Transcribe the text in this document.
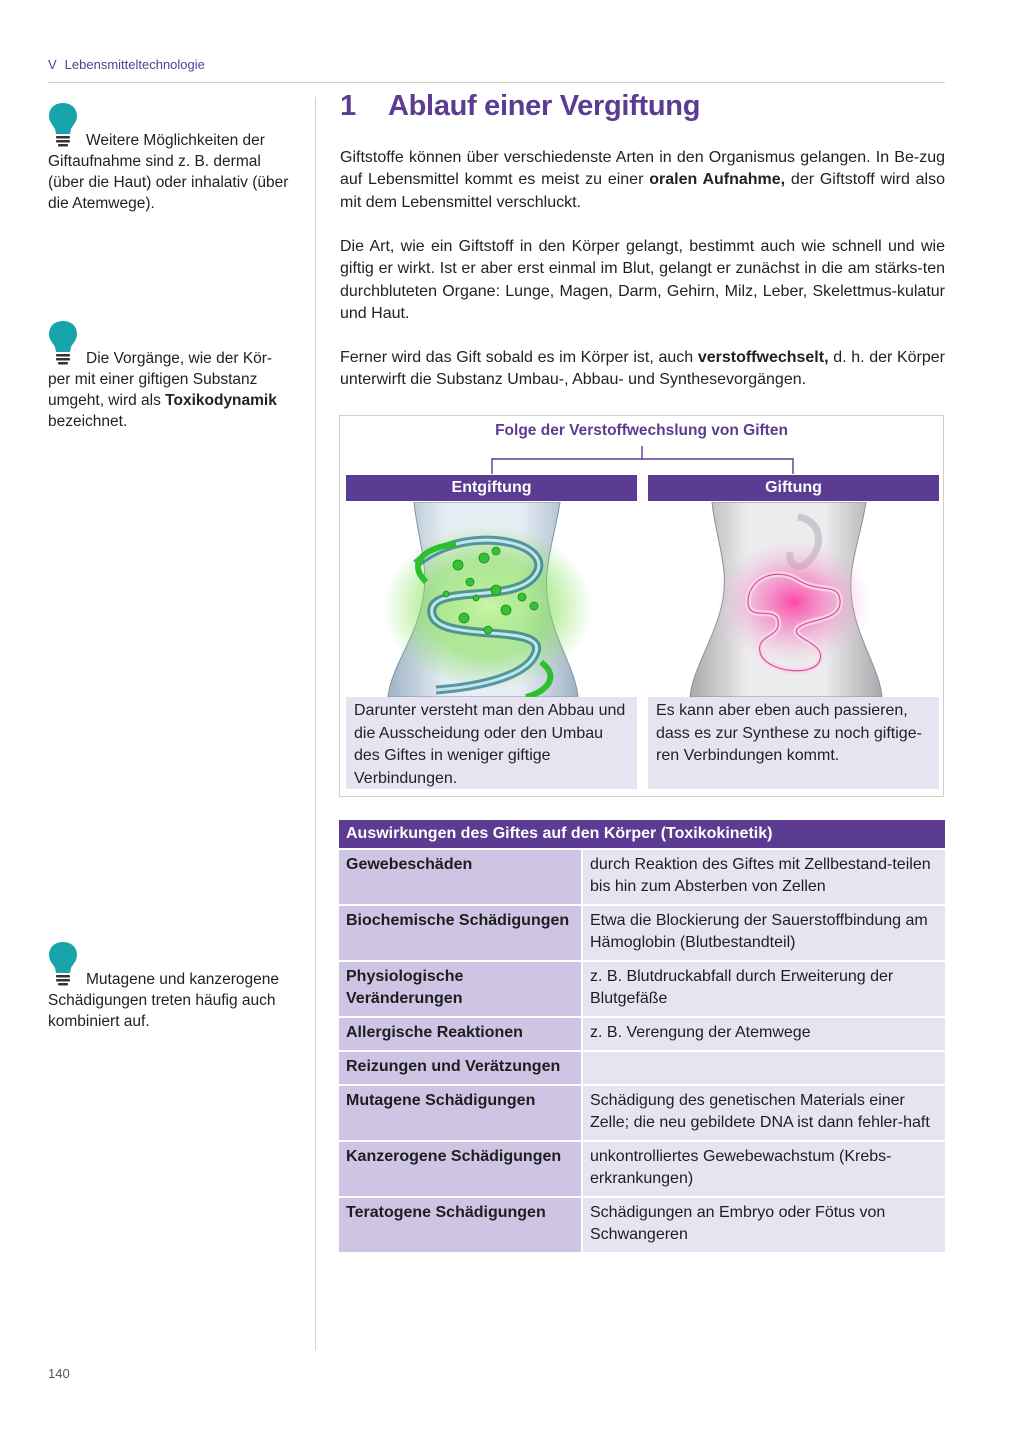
V Lebensmitteltechnologie
Weitere Möglichkeiten der Giftaufnahme sind z. B. dermal (über die Haut) oder inhalativ (über die Atemwege).
Die Vorgänge, wie der Kör-per mit einer giftigen Substanz umgeht, wird als Toxikodynamik bezeichnet.
Mutagene und kanzerogene Schädigungen treten häufig auch kombiniert auf.
1 Ablauf einer Vergiftung
Giftstoffe können über verschiedenste Arten in den Organismus gelangen. In Be-zug auf Lebensmittel kommt es meist zu einer oralen Aufnahme, der Giftstoff wird also mit dem Lebensmittel verschluckt.
Die Art, wie ein Giftstoff in den Körper gelangt, bestimmt auch wie schnell und wie giftig er wirkt. Ist er aber erst einmal im Blut, gelangt er zunächst in die am stärks-ten durchbluteten Organe: Lunge, Magen, Darm, Gehirn, Milz, Leber, Skelettmus-kulatur und Haut.
Ferner wird das Gift sobald es im Körper ist, auch verstoffwechselt, d. h. der Körper unterwirft die Substanz Umbau-, Abbau- und Synthesevorgängen.
Folge der Verstoffwechslung von Giften
Entgiftung	Giftung
Darunter versteht man den Abbau und die Ausscheidung oder den Umbau des Giftes in weniger giftige Verbindungen.
Es kann aber eben auch passieren, dass es zur Synthese zu noch giftige-ren Verbindungen kommt.
Auswirkungen des Giftes auf den Körper (Toxikokinetik)	
Gewebeschäden	durch Reaktion des Giftes mit Zellbestand-teilen bis hin zum Absterben von Zellen
Biochemische Schädigungen	Etwa die Blockierung der Sauerstoffbindung am Hämoglobin (Blutbestandteil)
Physiologische Veränderungen	z. B. Blutdruckabfall durch Erweiterung der Blutgefäße
Allergische Reaktionen	z. B. Verengung der Atemwege
Reizungen und Verätzungen	
Mutagene Schädigungen	Schädigung des genetischen Materials einer Zelle; die neu gebildete DNA ist dann fehler-haft
Kanzerogene Schädigungen	unkontrolliertes Gewebewachstum (Krebs-erkrankungen)
Teratogene Schädigungen	Schädigungen an Embryo oder Fötus von Schwangeren
140
